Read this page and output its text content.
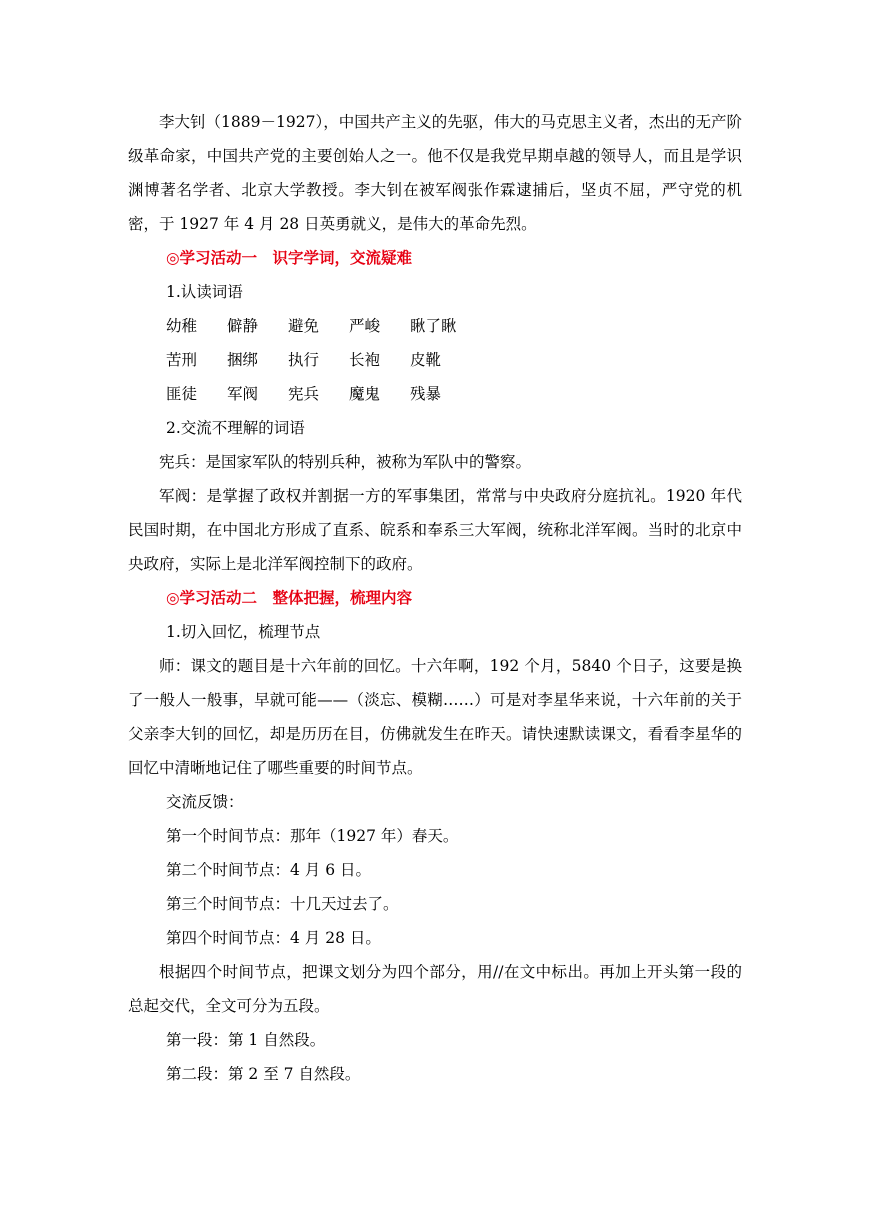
李大钊（1889－1927），中国共产主义的先驱，伟大的马克思主义者，杰出的无产阶级革命家，中国共产党的主要创始人之一。他不仅是我党早期卓越的领导人，而且是学识渊博著名学者、北京大学教授。李大钊在被军阀张作霖逮捕后，坚贞不屈，严守党的机密，于 1927 年 4 月 28 日英勇就义，是伟大的革命先烈。

◎学习活动一　识字学词，交流疑难
1.认读词语
幼稚	僻静	避免	严峻	瞅了瞅
苦刑	捆绑	执行	长袍	皮靴
匪徒	军阀	宪兵	魔鬼	残暴
2.交流不理解的词语

宪兵：是国家军队的特别兵种，被称为军队中的警察。

军阀：是掌握了政权并割据一方的军事集团，常常与中央政府分庭抗礼。1920 年代民国时期，在中国北方形成了直系、皖系和奉系三大军阀，统称北洋军阀。当时的北京中央政府，实际上是北洋军阀控制下的政府。

◎学习活动二　整体把握，梳理内容
1.切入回忆，梳理节点

师：课文的题目是十六年前的回忆。十六年啊，192 个月，5840 个日子，这要是换了一般人一般事，早就可能——（淡忘、模糊……）可是对李星华来说，十六年前的关于父亲李大钊的回忆，却是历历在目，仿佛就发生在昨天。请快速默读课文，看看李星华的回忆中清晰地记住了哪些重要的时间节点。

交流反馈：
第一个时间节点：那年（1927 年）春天。
第二个时间节点：4 月 6 日。
第三个时间节点：十几天过去了。
第四个时间节点：4 月 28 日。

根据四个时间节点，把课文划分为四个部分，用//在文中标出。再加上开头第一段的总起交代，全文可分为五段。

第一段：第 1 自然段。
第二段：第 2 至 7 自然段。
